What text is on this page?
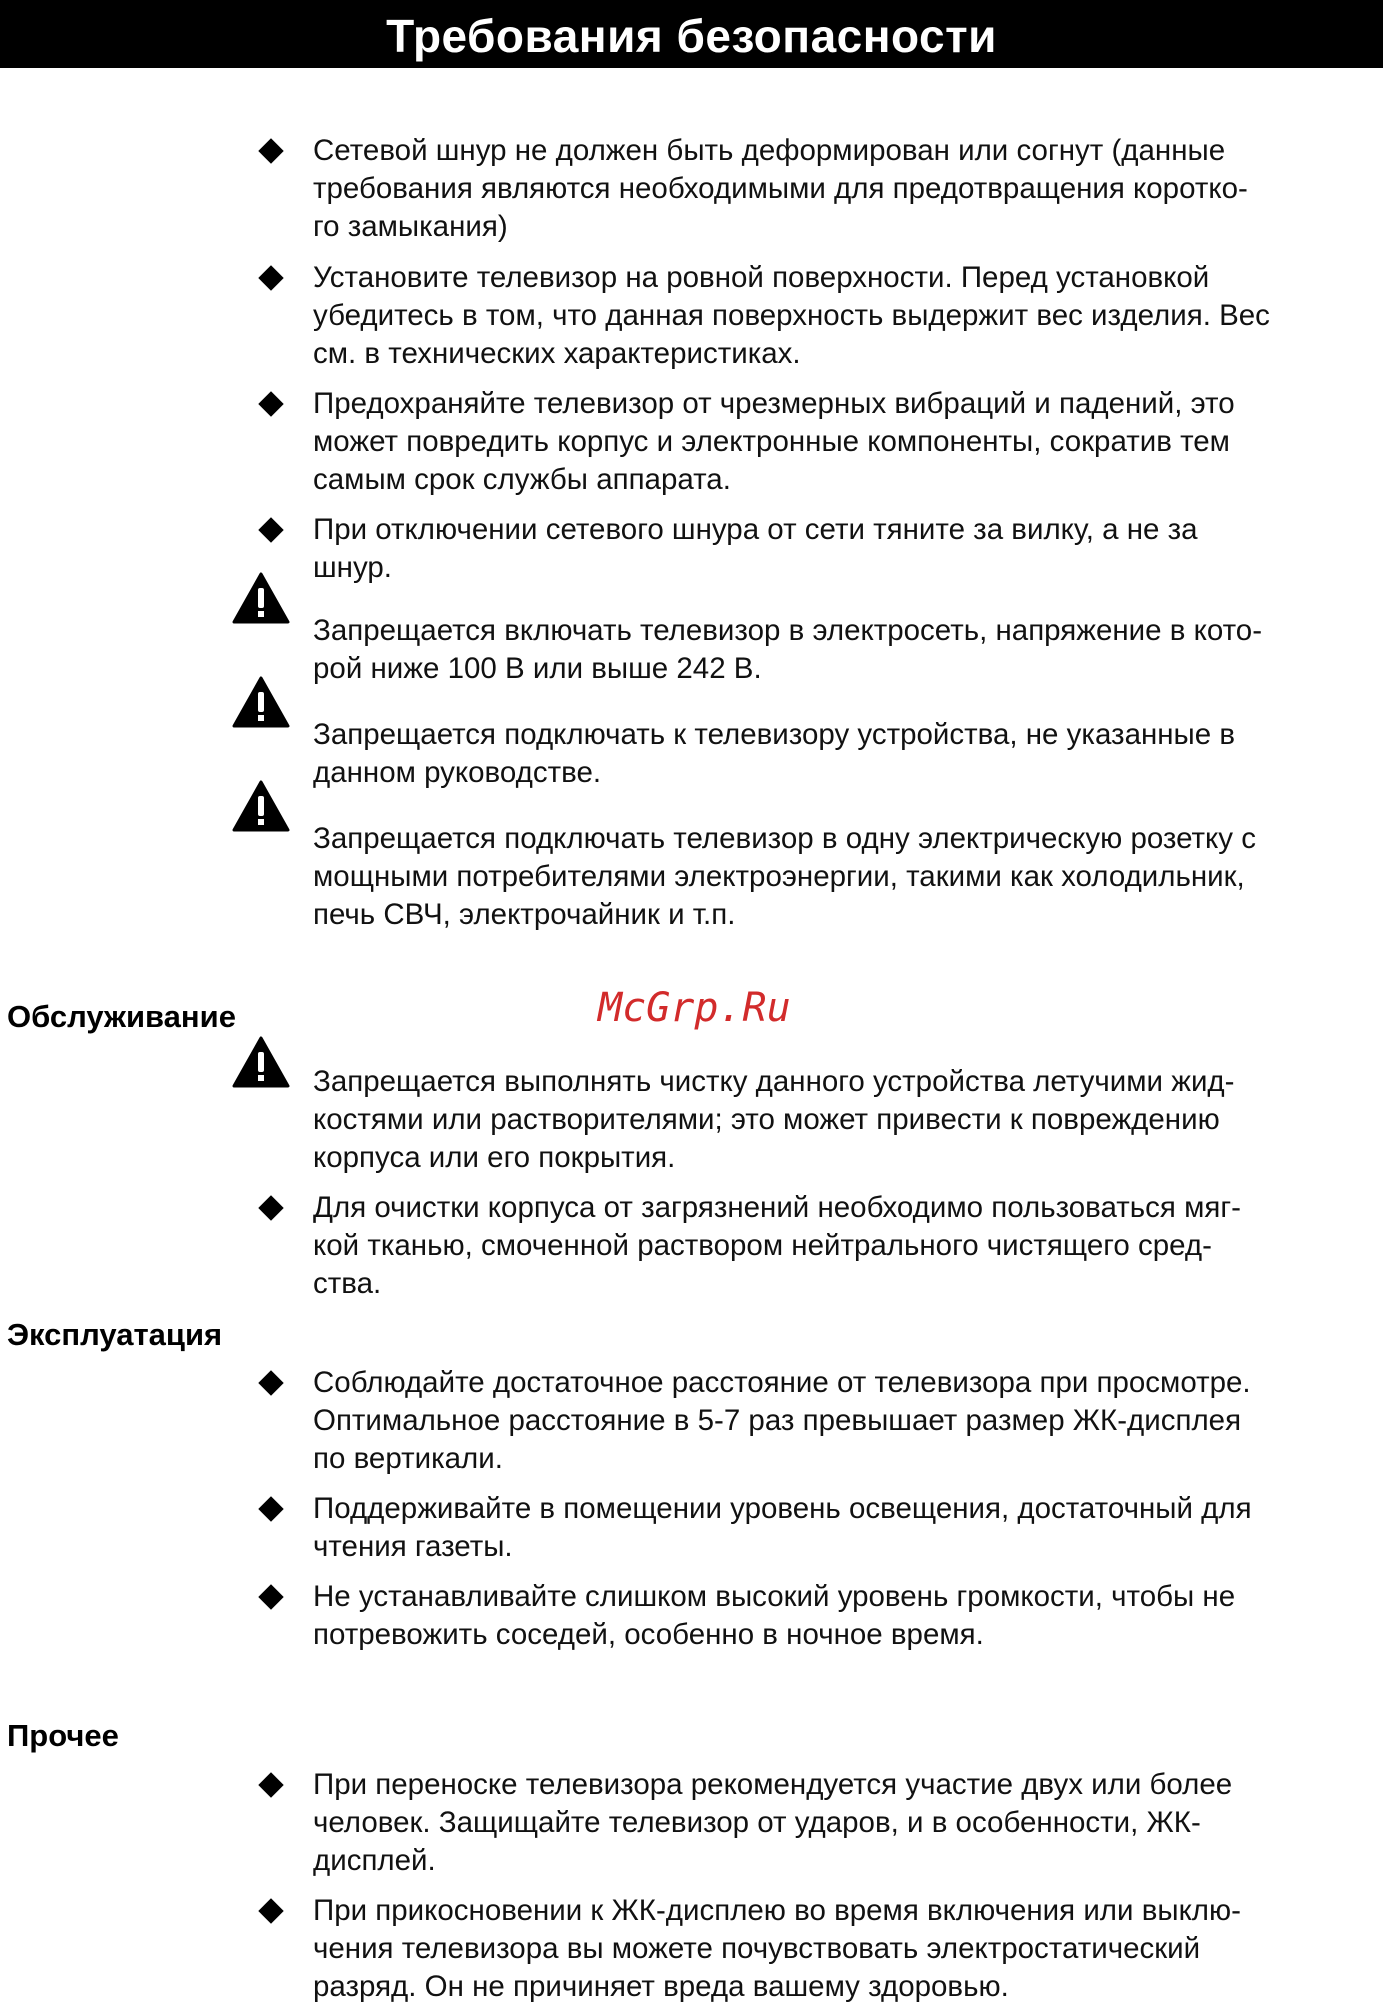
Требования безопасности
Сетевой шнур не должен быть деформирован или согнут (данные
требования являются необходимыми для предотвращения коротко-
го замыкания)
Установите телевизор на ровной поверхности. Перед установкой
убедитесь в том, что данная поверхность выдержит вес изделия. Вес
см. в технических характеристиках.
Предохраняйте телевизор от чрезмерных вибраций и падений, это
может повредить корпус и электронные компоненты, сократив тем
самым срок службы аппарата.
При отключении сетевого шнура от сети тяните за вилку, а не за
шнур.
Запрещается включать телевизор в электросеть, напряжение в кото-
рой ниже 100 В или выше 242 В.
Запрещается подключать к телевизору устройства, не указанные в
данном руководстве.
Запрещается подключать телевизор в одну электрическую розетку с
мощными потребителями электроэнергии, такими как холодильник,
печь СВЧ, электрочайник и т.п.
Обслуживание
Запрещается выполнять чистку данного устройства летучими жид-
костями или растворителями; это может привести к повреждению
корпуса или его покрытия.
Для очистки корпуса от загрязнений необходимо пользоваться мяг-
кой тканью, смоченной раствором нейтрального чистящего сред-
ства.
Эксплуатация
Соблюдайте достаточное расстояние от телевизора при просмотре.
Оптимальное расстояние в 5-7 раз превышает размер ЖК-дисплея
по вертикали.
Поддерживайте в помещении уровень освещения, достаточный для
чтения газеты.
Не устанавливайте слишком высокий уровень громкости, чтобы не
потревожить соседей, особенно в ночное время.
Прочее
При переноске телевизора рекомендуется участие двух или более
человек. Защищайте телевизор от ударов, и в особенности, ЖК-
дисплей.
При прикосновении к ЖК-дисплею во время включения или выклю-
чения телевизора вы можете почувствовать электростатический
разряд. Он не причиняет вреда вашему здоровью.
McGrp.Ru
